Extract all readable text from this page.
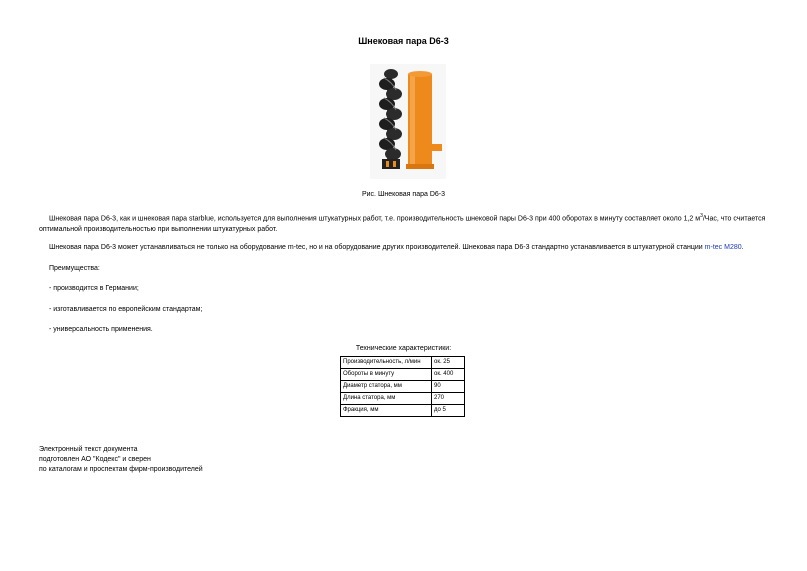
Шнековая пара D6-3
Рис. Шнековая пара D6-3
Шнековая пара D6-3, как и шнековая пара starblue, используется для выполнения штукатурных работ, т.е. производительность шнековой пары D6-3 при 400 оборотах в минуту составляет около 1,2 $м^3$/Час, что считается оптимальной производительностью при выполнении штукатурных работ.
Шнековая пара D6-3 может устанавливаться не только на оборудование m-tec, но и на оборудование других производителей. Шнековая пара D6-3 стандартно устанавливается в штукатурной станции m-tec M280.
Преимущества:
- производится в Германии;
- изготавливается по европейским стандартам;
- универсальность применения.
Технические характеристики:
Производительность, л/мин	ок. 25
Обороты в минуту	ок. 400
Диаметр статора, мм	90
Длина статора, мм	270
Фракция, мм	до 5
Электронный текст документа
подготовлен АО "Кодекс" и сверен
по каталогам и проспектам фирм-производителей
